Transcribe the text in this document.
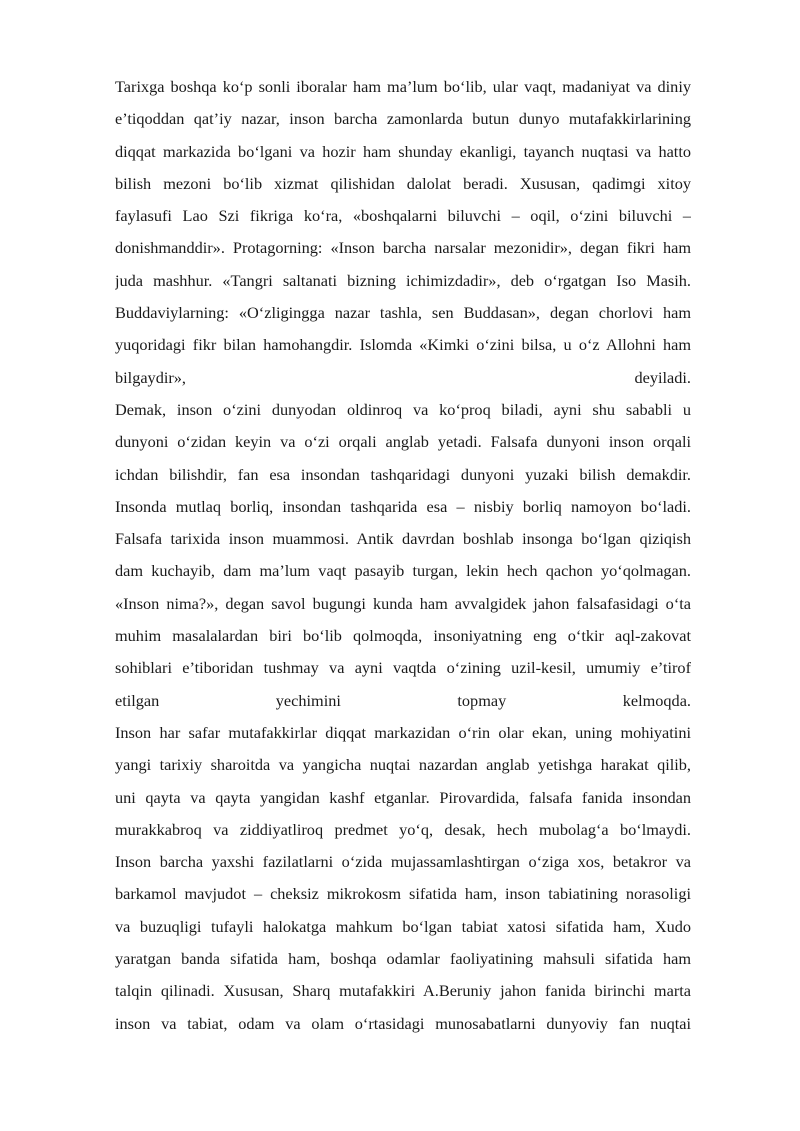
Tarixga boshqa ko‘p sonli iboralar ham ma’lum bo‘lib, ular vaqt, madaniyat va diniy
e’tiqoddan qat’iy nazar, inson barcha zamonlarda butun dunyo mutafakkirlarining
diqqat markazida bo‘lgani va hozir ham shunday ekanligi, tayanch nuqtasi va hatto
bilish mezoni bo‘lib xizmat qilishidan dalolat beradi. Xususan, qadimgi xitoy
faylasufi Lao Szi fikriga ko‘ra, «boshqalarni biluvchi – oqil, o‘zini biluvchi –
donishmanddir». Protagorning: «Inson barcha narsalar mezonidir», degan fikri ham
juda mashhur. «Tangri saltanati bizning ichimizdadir», deb o‘rgatgan Iso Masih.
Buddaviylarning: «O‘zligingga nazar tashla, sen Buddasan», degan chorlovi ham
yuqoridagi fikr bilan hamohangdir. Islomda «Kimki o‘zini bilsa, u o‘z Allohni ham
bilgaydir», deyiladi.
Demak, inson o‘zini dunyodan oldinroq va ko‘proq biladi, ayni shu sababli u
dunyoni o‘zidan keyin va o‘zi orqali anglab yetadi. Falsafa dunyoni inson orqali
ichdan bilishdir, fan esa insondan tashqaridagi dunyoni yuzaki bilish demakdir.
Insonda mutlaq borliq, insondan tashqarida esa – nisbiy borliq namoyon bo‘ladi.
Falsafa tarixida inson muammosi. Antik davrdan boshlab insonga bo‘lgan qiziqish
dam kuchayib, dam ma’lum vaqt pasayib turgan, lekin hech qachon yo‘qolmagan.
«Inson nima?», degan savol bugungi kunda ham avvalgidek jahon falsafasidagi o‘ta
muhim masalalardan biri bo‘lib qolmoqda, insoniyatning eng o‘tkir aql-zakovat
sohiblari e’tiboridan tushmay va ayni vaqtda o‘zining uzil-kesil, umumiy e’tirof
etilgan yechimini topmay kelmoqda.
Inson har safar mutafakkirlar diqqat markazidan o‘rin olar ekan, uning mohiyatini
yangi tarixiy sharoitda va yangicha nuqtai nazardan anglab yetishga harakat qilib,
uni qayta va qayta yangidan kashf etganlar. Pirovardida, falsafa fanida insondan
murakkabroq va ziddiyatliroq predmet yo‘q, desak, hech mubolag‘a bo‘lmaydi.
Inson barcha yaxshi fazilatlarni o‘zida mujassamlashtirgan o‘ziga xos, betakror va
barkamol mavjudot – cheksiz mikrokosm sifatida ham, inson tabiatining norasoligi
va buzuqligi tufayli halokatga mahkum bo‘lgan tabiat xatosi sifatida ham, Xudo
yaratgan banda sifatida ham, boshqa odamlar faoliyatining mahsuli sifatida ham
talqin qilinadi. Xususan, Sharq mutafakkiri A.Beruniy jahon fanida birinchi marta
inson va tabiat, odam va olam o‘rtasidagi munosabatlarni dunyoviy fan nuqtai
